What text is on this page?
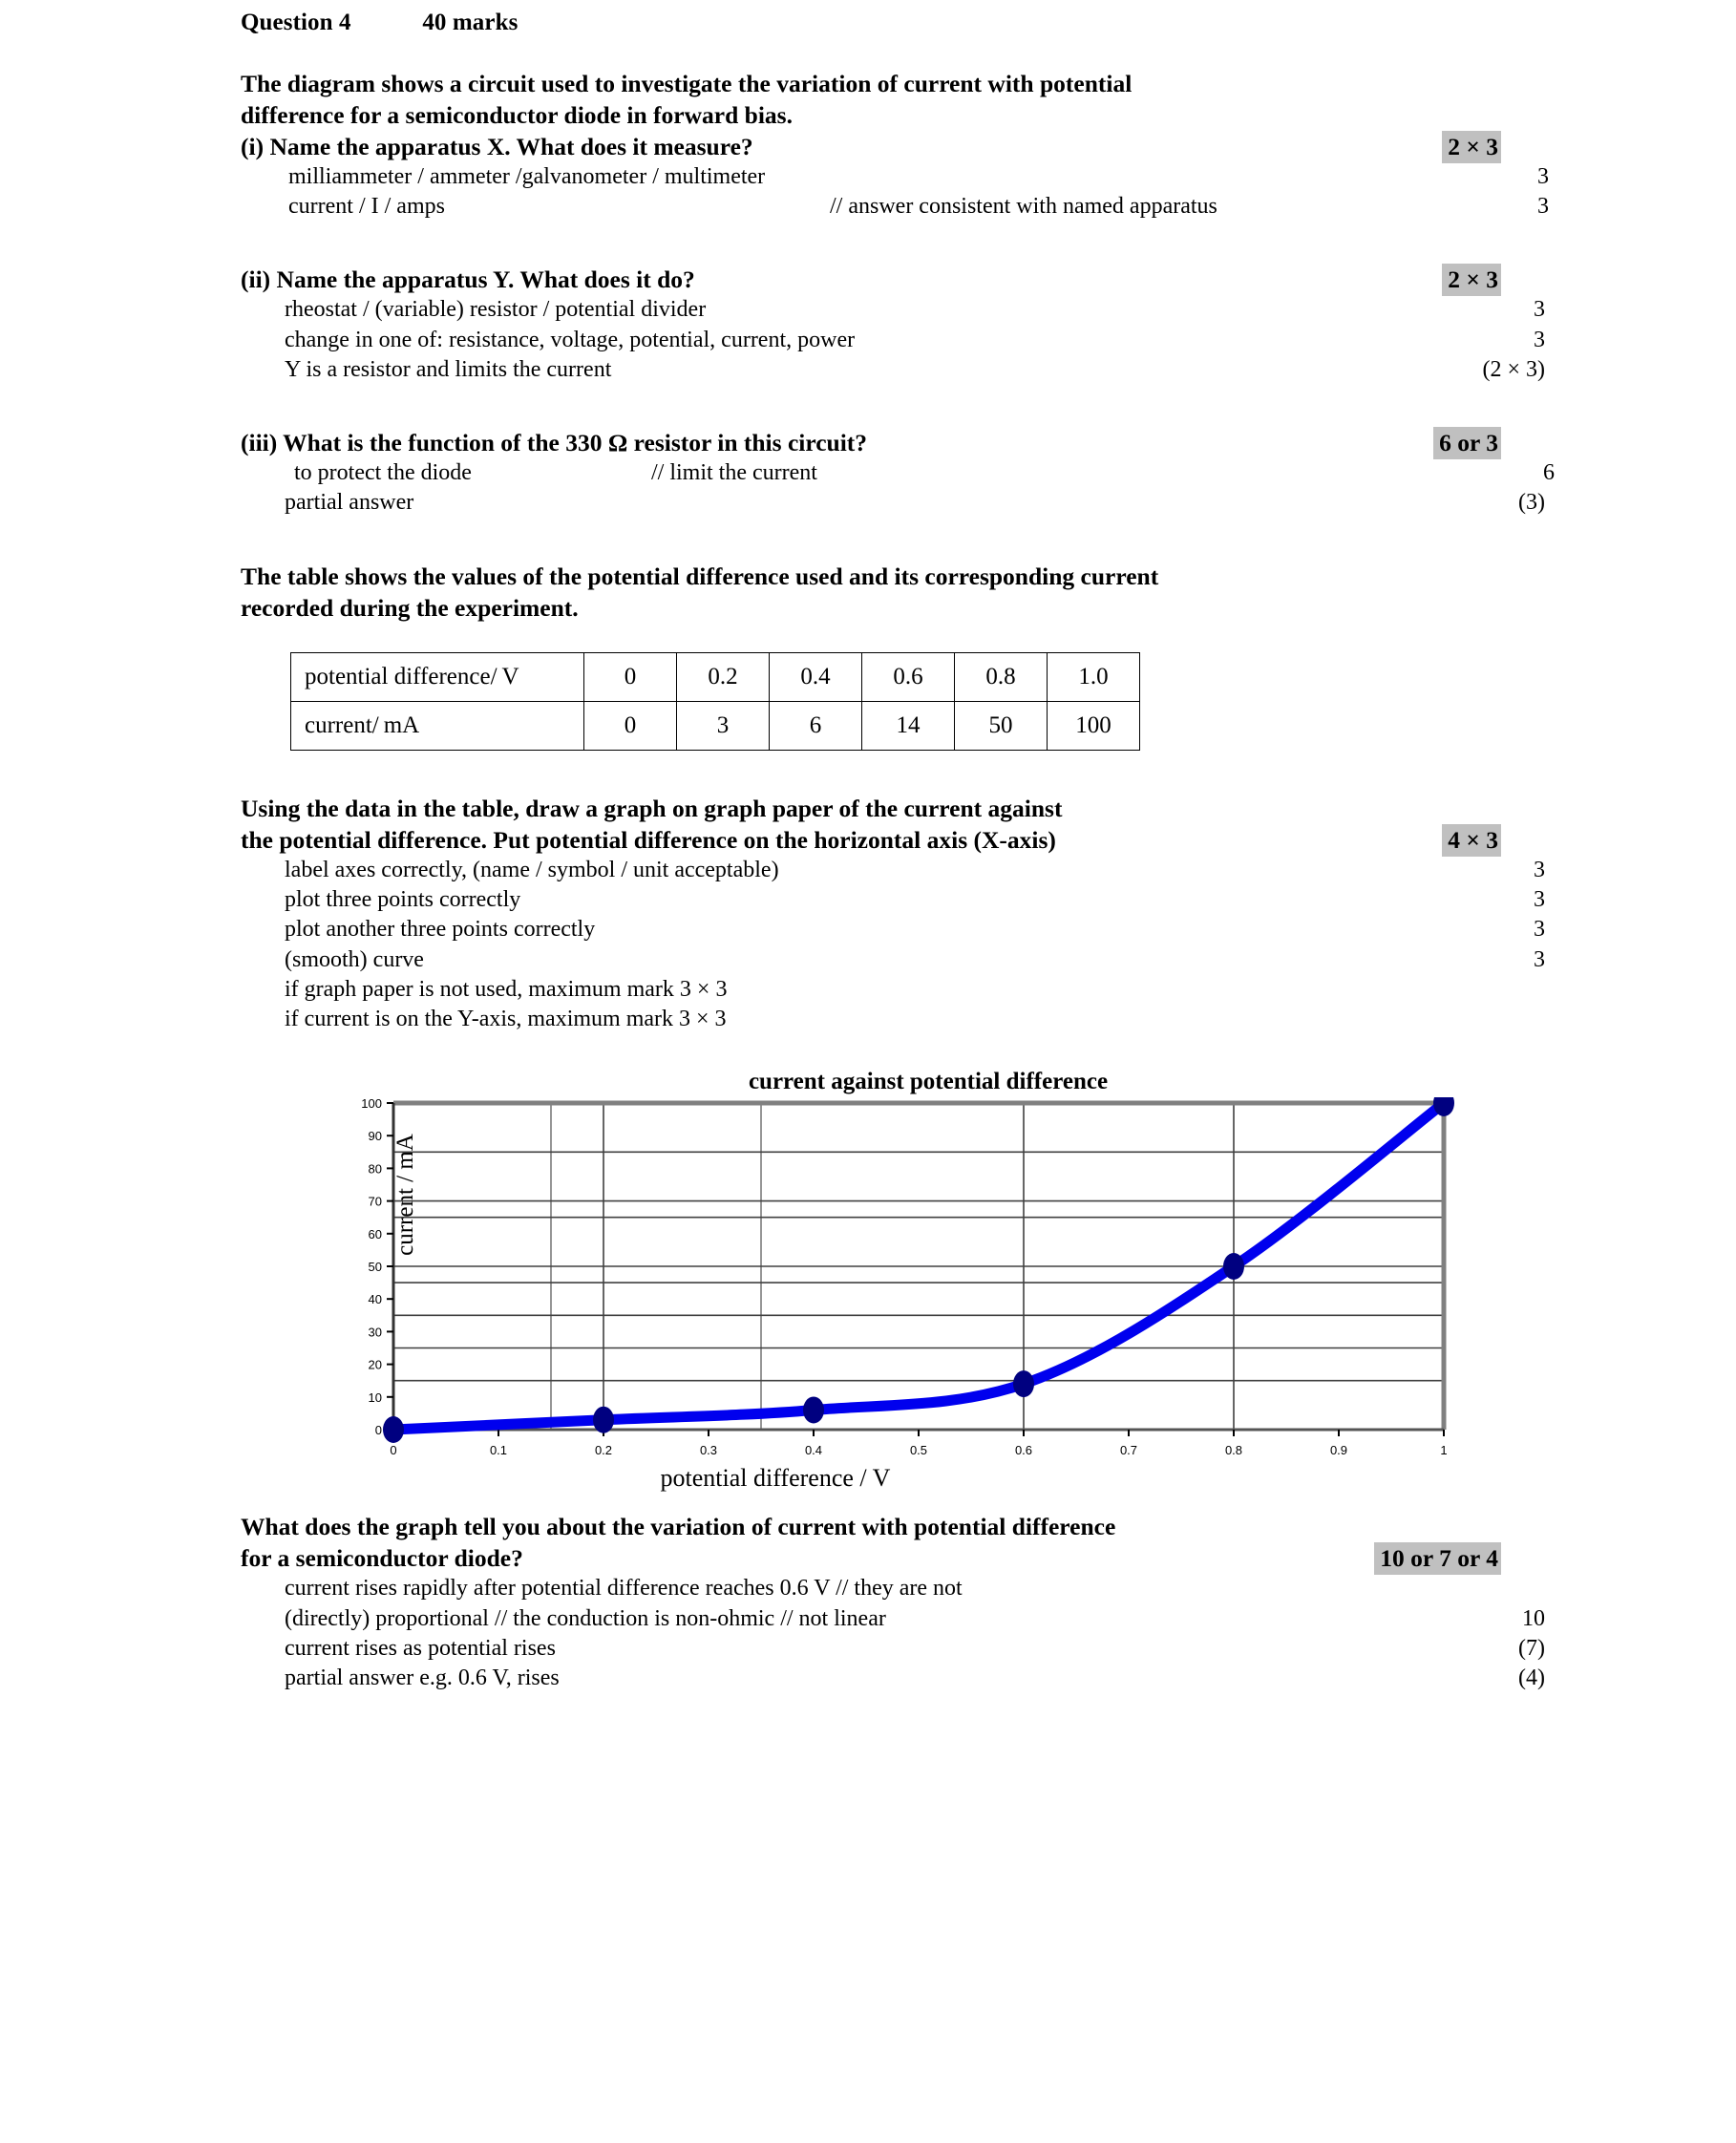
Question 4	40 marks
The diagram shows a circuit used to investigate the variation of current with potential
difference for a semiconductor diode in forward bias.
(i) Name the apparatus X. What does it measure?	2 × 3
milliammeter / ammeter /galvanometer / multimeter	3
current / I / amps	// answer consistent with named apparatus	3
(ii) Name the apparatus Y. What does it do?	2 × 3
rheostat / (variable) resistor / potential divider	3
change in one of: resistance, voltage, potential, current, power	3
Y is a resistor and limits the current	(2 × 3)
(iii) What is the function of the 330 Ω resistor in this circuit?	6 or 3
to protect the diode	// limit the current	6
partial answer	(3)
The table shows the values of the potential difference used and its corresponding current
recorded during the experiment.
potential difference/ V	0	0.2	0.4	0.6	0.8	1.0
current/ mA	0	3	6	14	50	100
Using the data in the table, draw a graph on graph paper of the current against
the potential difference. Put potential difference on the horizontal axis (X-axis)	4 × 3
label axes correctly, (name / symbol / unit acceptable)	3
plot three points correctly	3
plot another three points correctly	3
(smooth) curve	3
if graph paper is not used, maximum mark 3 × 3
if current is on the Y-axis, maximum mark 3 × 3
current against potential difference
current / mA
potential difference / V
0
10
20
30
40
50
60
70
80
90
100
0	0.1	0.2	0.3	0.4	0.5	0.6	0.7	0.8	0.9	1
What does the graph tell you about the variation of current with potential difference
for a semiconductor diode?	10 or 7 or 4
current rises rapidly after potential difference reaches 0.6 V // they are not
(directly) proportional // the conduction is non-ohmic // not linear	10
current rises as potential rises	(7)
partial answer e.g. 0.6 V, rises	(4)
